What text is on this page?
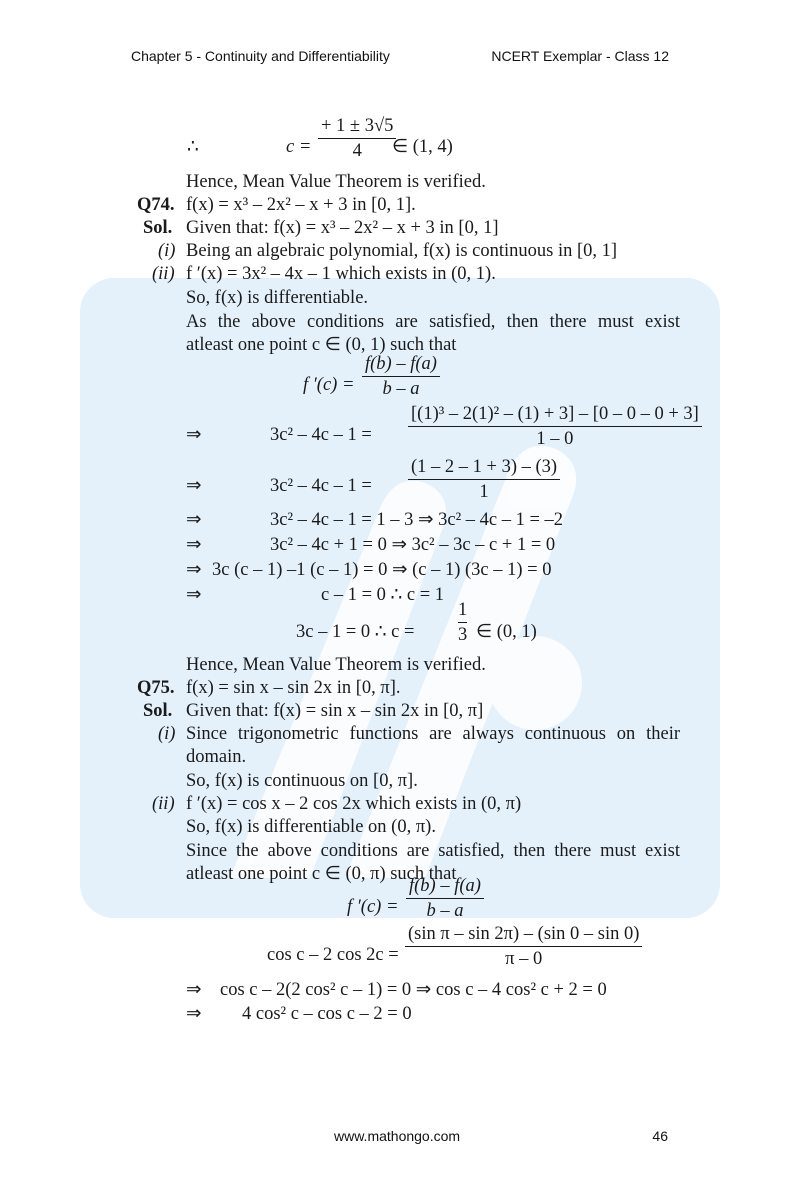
Chapter 5 - Continuity and Differentiability	NCERT Exemplar - Class 12
∴	$c = \frac{+ 1 \pm 3√5}{4}$
∈ (1, 4)
Hence, Mean Value Theorem is verified.
Q74. f(x) = x³ – 2x² – x + 3 in [0, 1].
Sol. Given that: f(x) = x³ – 2x² – x + 3 in [0, 1]
(i) Being an algebraic polynomial, f(x) is continuous in [0, 1]
(ii) f ′(x) = 3x² – 4x – 1 which exists in (0, 1).
So, f(x) is differentiable.
As the above conditions are satisfied, then there must exist
atleast one point c ∈ (0, 1) such that
f $'(c) = \frac{f(b) - f(a)}{b - a}$
⇒	$3c^2 - 4c - 1 = \frac{\text{[(1)³ – 2(1)² – (1) + 3] – [0 – 0 – 0 + 3]}}{1 - 0}$
⇒	$3c^2 - 4c - 1 = \frac{(1 - 2 - 1 + 3) - (3)}{1}$
⇒	3c² – 4c – 1 = 1 – 3 ⇒ 3c² – 4c – 1 = –2
⇒	3c² – 4c + 1 = 0 ⇒ 3c² – 3c – c + 1 = 0
⇒ 3c (c – 1) –1 (c – 1) = 0 ⇒ (c – 1) (3c – 1) = 0
⇒	c – 1 = 0 ∴ c = 1
3c – 1 = 0 ∴ $c = \frac{1}{3}$ ∈ (0, 1)
Hence, Mean Value Theorem is verified.
Q75. f(x) = sin x – sin 2x in [0, π].
Sol. Given that: f(x) = sin x – sin 2x in [0, π]
(i) Since trigonometric functions are always continuous on their
domain.
So, f(x) is continuous on [0, π].
(ii) f ′(x) = cos x – 2 cos 2x which exists in (0, π)
So, f(x) is differentiable on (0, π).
Since the above conditions are satisfied, then there must exist
atleast one point c ∈ (0, π) such that
f $'(c) = \frac{f(b) - f(a)}{b - a}$
cos c – 2 $\cos 2c = \frac{\text{(sin π – sin 2π) – (sin 0 – sin 0)}}{\pi - 0}$
⇒ cos c – 2(2 cos² c – 1) = 0 ⇒ cos c – 4 cos² c + 2 = 0
⇒ 4 cos² c – cos c – 2 = 0
www.mathongo.com	46
